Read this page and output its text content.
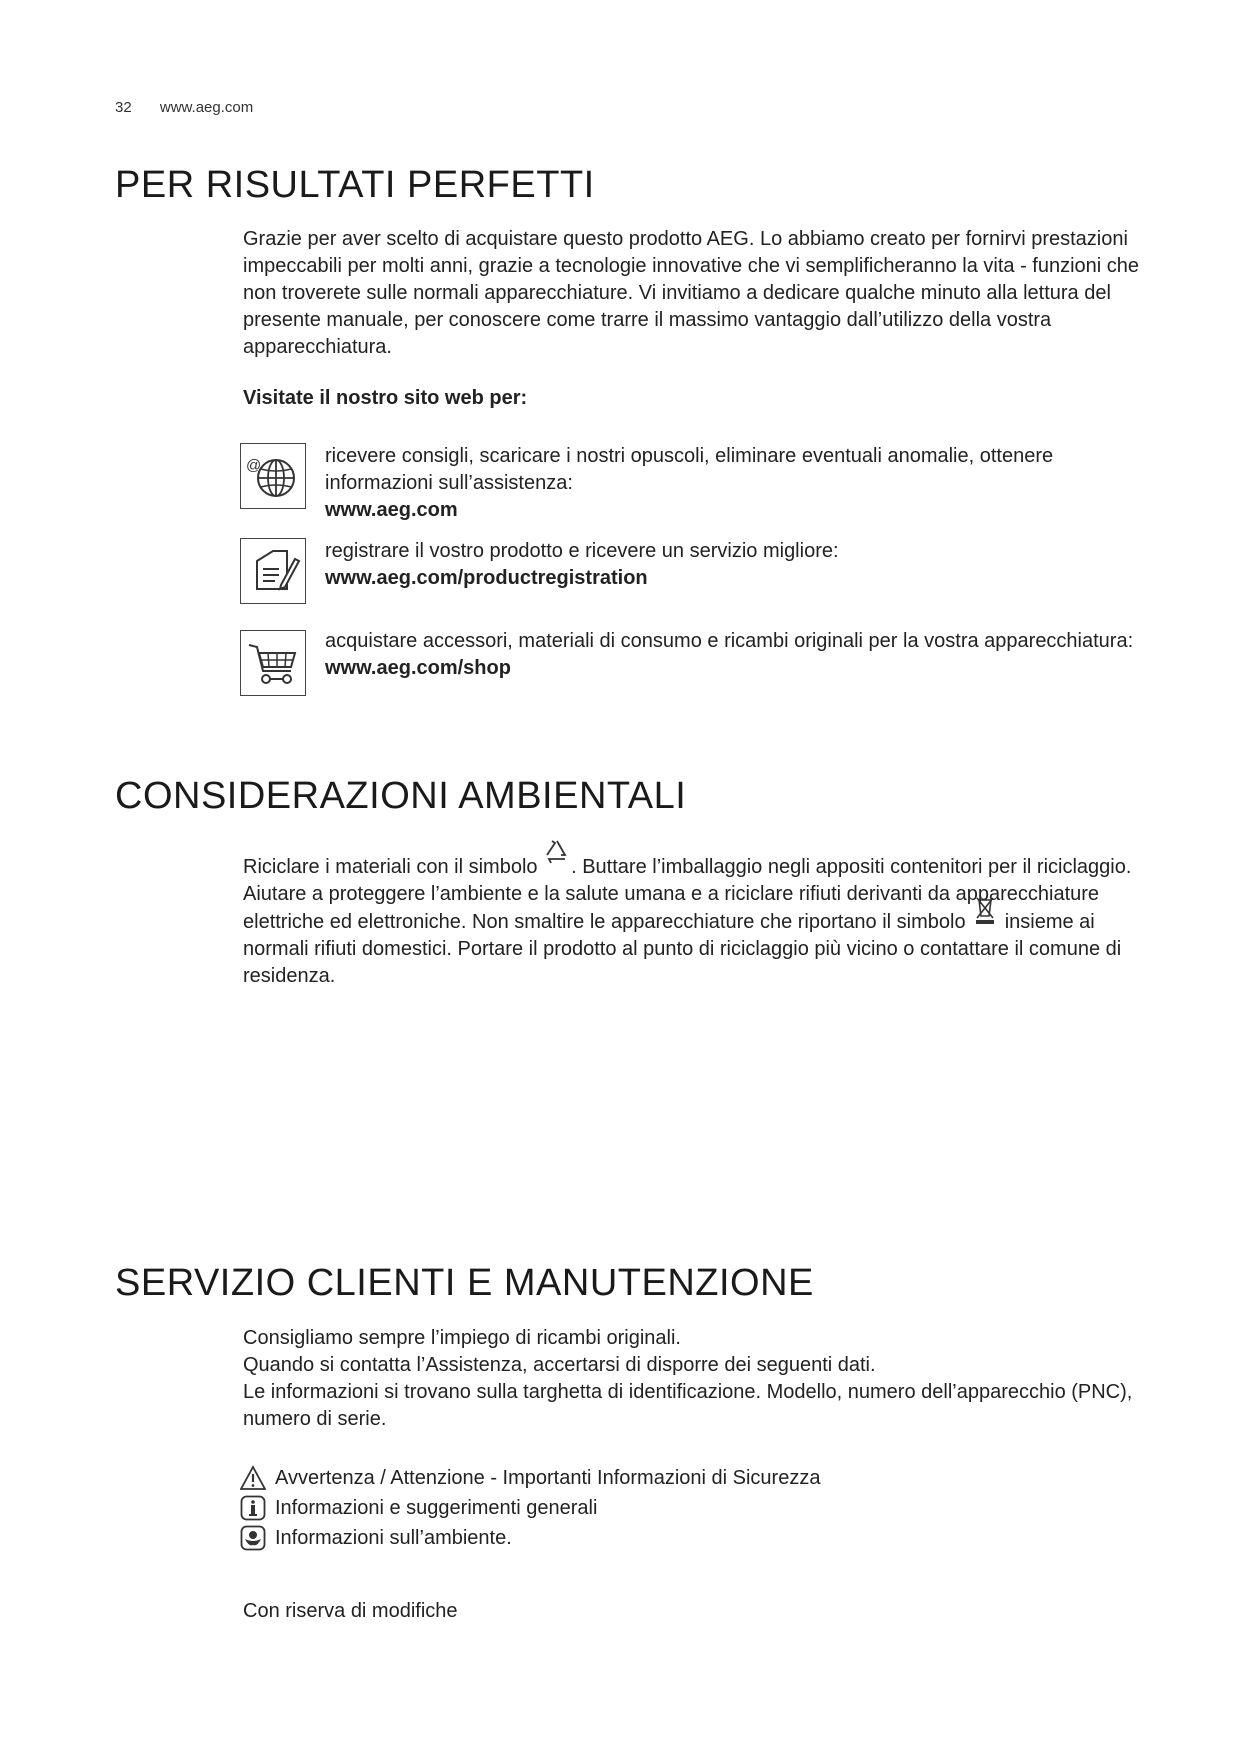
32 www.aeg.com
PER RISULTATI PERFETTI

Grazie per aver scelto di acquistare questo prodotto AEG. Lo abbiamo creato per fornirvi prestazioni impeccabili per molti anni, grazie a tecnologie innovative che vi semplificheranno la vita - funzioni che non troverete sulle normali apparecchiature. Vi invitiamo a dedicare qualche minuto alla lettura del presente manuale, per conoscere come trarre il massimo vantaggio dall’utilizzo della vostra apparecchiatura.

Visitate il nostro sito web per:
@	ricevere consigli, scaricare i nostri opuscoli, eliminare eventuali anomalie, ottenere informazioni sull’assistenza:
www.aeg.com
registrare il vostro prodotto e ricevere un servizio migliore:
www.aeg.com/productregistration
acquistare accessori, materiali di consumo e ricambi originali per la vostra apparecchiatura:
www.aeg.com/shop
CONSIDERAZIONI AMBIENTALI

Riciclare i materiali con il simbolo
. Buttare l’imballaggio negli appositi contenitori per il riciclaggio.

Aiutare a proteggere l’ambiente e la salute umana e a riciclare rifiuti derivanti da apparecchiature elettriche ed elettroniche. Non smaltire le apparecchiature che riportano il simbolo
insieme ai normali rifiuti domestici. Portare il prodotto al punto di riciclaggio più vicino o contattare il comune di residenza.

SERVIZIO CLIENTI E MANUTENZIONE

Consigliamo sempre l’impiego di ricambi originali.

Quando si contatta l’Assistenza, accertarsi di disporre dei seguenti dati.

Le informazioni si trovano sulla targhetta di identificazione. Modello, numero dell’apparecchio (PNC), numero di serie.

Avvertenza / Attenzione - Importanti Informazioni di Sicurezza
Informazioni e suggerimenti generali
Informazioni sull’ambiente.
Con riserva di modifiche
